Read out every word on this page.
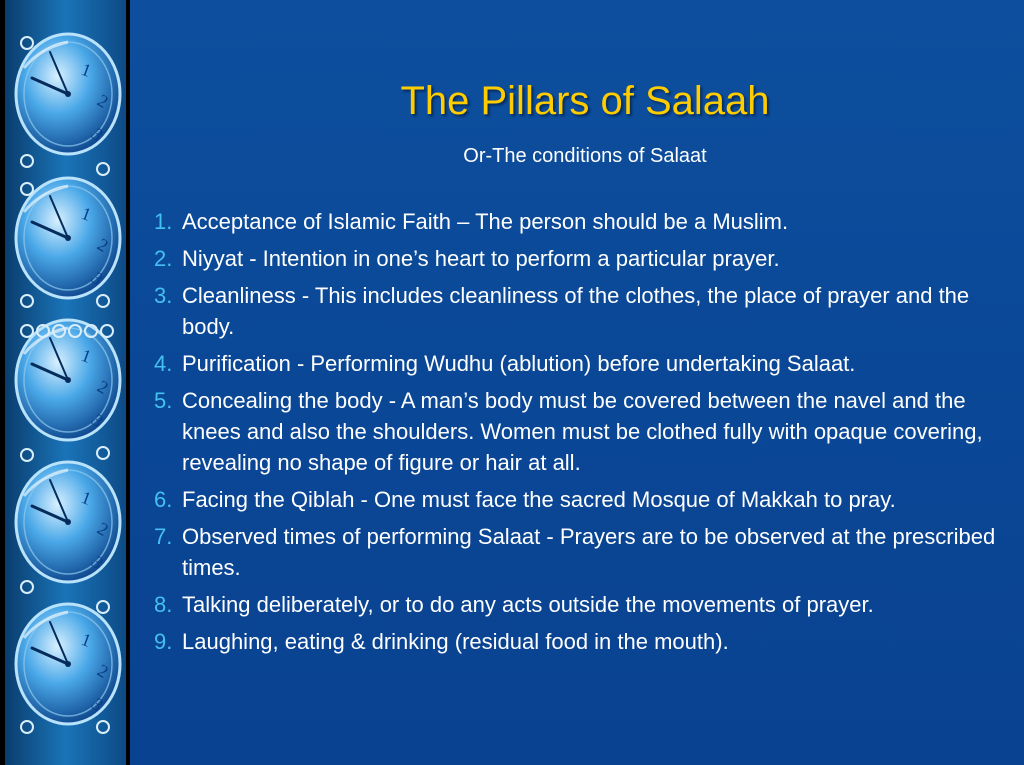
1
2
3
1
2
3
1
2
3
1
2
3
1
2
3
The Pillars of Salaah
Or-The conditions of Salaat
1. Acceptance of Islamic Faith – The person should be a Muslim.
2. Niyyat - Intention in one’s heart to perform a particular prayer.
3. Cleanliness - This includes cleanliness of the clothes, the place of prayer and the body.
4. Purification - Performing Wudhu (ablution) before undertaking Salaat.
5. Concealing the body - A man’s body must be covered between the navel and the knees and also the shoulders. Women must be clothed fully with opaque covering, revealing no shape of figure or hair at all.
6. Facing the Qiblah - One must face the sacred Mosque of Makkah to pray.
7. Observed times of performing Salaat - Prayers are to be observed at the prescribed times.
8. Talking deliberately, or to do any acts outside the movements of prayer.
9. Laughing, eating & drinking (residual food in the mouth).
